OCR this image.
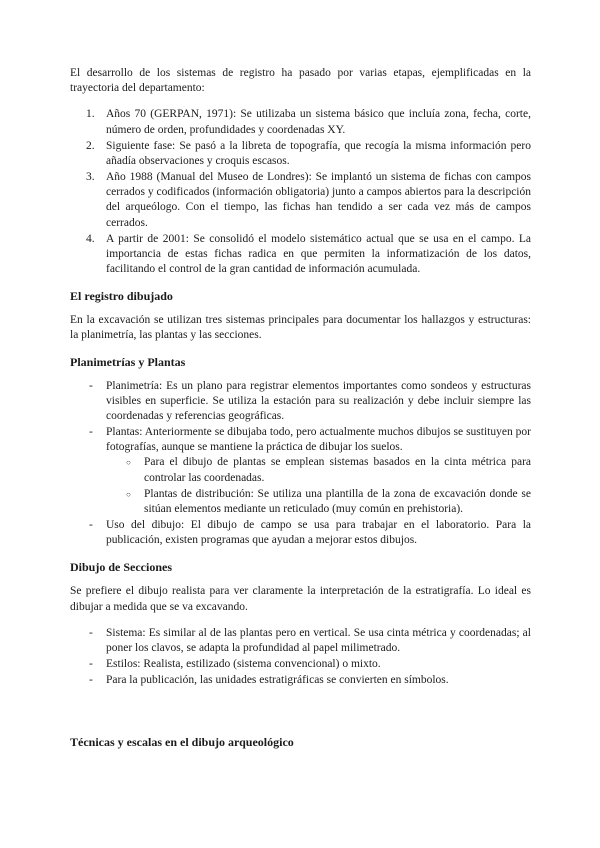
El desarrollo de los sistemas de registro ha pasado por varias etapas, ejemplificadas en la trayectoria del departamento:

Años 70 (GERPAN, 1971): Se utilizaba un sistema básico que incluía zona, fecha, corte, número de orden, profundidades y coordenadas XY.
Siguiente fase: Se pasó a la libreta de topografía, que recogía la misma información pero añadía observaciones y croquis escasos.
Año 1988 (Manual del Museo de Londres): Se implantó un sistema de fichas con campos cerrados y codificados (información obligatoria) junto a campos abiertos para la descripción del arqueólogo. Con el tiempo, las fichas han tendido a ser cada vez más de campos cerrados.
A partir de 2001: Se consolidó el modelo sistemático actual que se usa en el campo. La importancia de estas fichas radica en que permiten la informatización de los datos, facilitando el control de la gran cantidad de información acumulada.
El registro dibujado

En la excavación se utilizan tres sistemas principales para documentar los hallazgos y estructuras: la planimetría, las plantas y las secciones.

Planimetrías y Plantas
- Planimetría: Es un plano para registrar elementos importantes como sondeos y estructuras visibles en superficie. Se utiliza la estación para su realización y debe incluir siempre las coordenadas y referencias geográficas.
- Plantas: Anteriormente se dibujaba todo, pero actualmente muchos dibujos se sustituyen por fotografías, aunque se mantiene la práctica de dibujar los suelos.
○ Para el dibujo de plantas se emplean sistemas basados en la cinta métrica para controlar las coordenadas.
○ Plantas de distribución: Se utiliza una plantilla de la zona de excavación donde se sitúan elementos mediante un reticulado (muy común en prehistoria).
- Uso del dibujo: El dibujo de campo se usa para trabajar en el laboratorio. Para la publicación, existen programas que ayudan a mejorar estos dibujos.
Dibujo de Secciones

Se prefiere el dibujo realista para ver claramente la interpretación de la estratigrafía. Lo ideal es dibujar a medida que se va excavando.

- Sistema: Es similar al de las plantas pero en vertical. Se usa cinta métrica y coordenadas; al poner los clavos, se adapta la profundidad al papel milimetrado.
- Estilos: Realista, estilizado (sistema convencional) o mixto.
- Para la publicación, las unidades estratigráficas se convierten en símbolos.
Técnicas y escalas en el dibujo arqueológico
